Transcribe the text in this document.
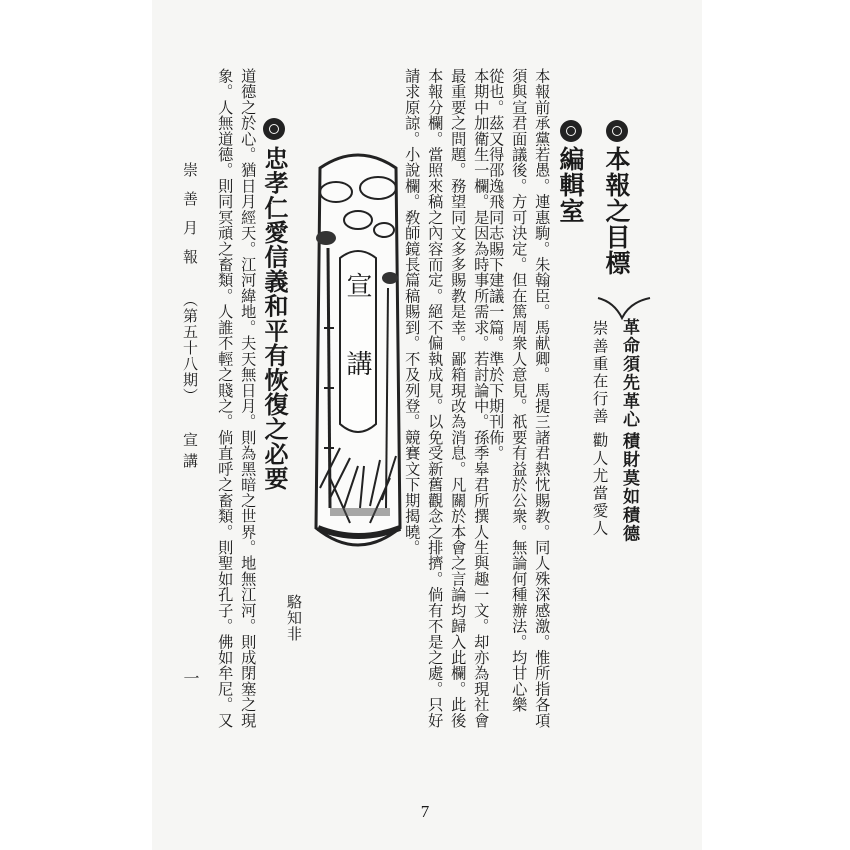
本報之目標
革命須先革心
積財莫如積德
崇善重在行善
勸人尤當愛人
編輯室
本報前承黨若愚。連惠駒。朱翰臣。馬献卿。馬提三諸君熱忱賜教。同人殊深感激。惟所指各項
須與宣君面議後。方可決定。但在篤周衆人意見。祇要有益於公衆。無論何種辦法。均甘心樂
從也。茲又得邵逸飛同志賜下建議一篇。準於下期刊佈。
本期中加衛生一欄。是因為時事所需求。若討論中。孫季皋君所撰人生與趣一文。却亦為現社會
最重要之問題。務望同文多多賜教是幸。鄙箱現改為消息。凡關於本會之言論均歸入此欄。此後
本報分欄。當照來稿之內容而定。絕不偏執成見。以免受新舊觀念之排擠。倘有不是之處。只好
請求原諒。小說欄。敎師鏡長篇稿賜到。不及列登。競賽文下期揭曉。
宣講
忠孝仁愛信義和平有恢復之必要
駱知非
道德之於心。猶日月經天。江河緯地。夫天無日月。則為黑暗之世界。地無江河。則成閉塞之現
象。人無道德。則同冥頑之畜類。人誰不輕之賤之。倘直呼之畜類。則聖如孔子。佛如牟尼。又
崇善月報
（第五十八期）
宣講
一
7
